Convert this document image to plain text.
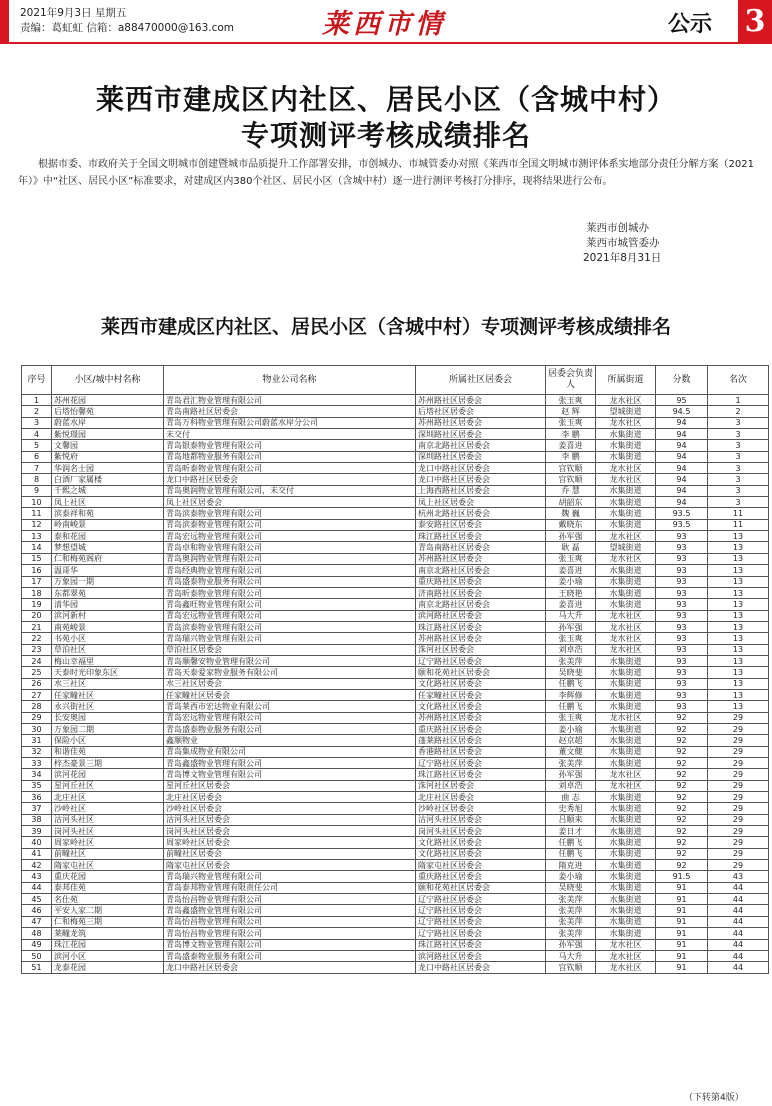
2021年9月3日 星期五
责编：葛虹虹 信箱：a88470000@163.com	莱西市情	公示 3
莱西市建成区内社区、居民小区（含城中村）
专项测评考核成绩排名
根据市委、市政府关于全国文明城市创建暨城市品质提升工作部署安排，市创城办、市城管委办对照《莱西市全国文明城市测评体系实地部分责任分解方案（2021年）》中“社区、居民小区”标准要求，对建成区内380个社区、居民小区（含城中村）逐一进行测评考核打分排序，现将结果进行公布。
莱西市创城办
莱西市城管委办
2021年8月31日
莱西市建成区内社区、居民小区（含城中村）专项测评考核成绩排名
序号	小区/城中村名称	物业公司名称	所属社区居委会	居委会负责人	所属街道	分数	名次
1	苏州花园	青岛君汇物业管理有限公司	苏州路社区居委会	张玉爽	龙水社区	95	1
2	后塔怡馨苑	青岛南路社区居委会	后塔社区居委会	赵 辉	望城街道	94.5	2
3	蔚蓝水岸	青岛万科物业管理有限公司蔚蓝水岸分公司	苏州路社区居委会	张玉爽	龙水社区	94	3
4	紫悦璟园	未交付	深圳路社区居委会	李 鹏	水集街道	94	3
5	文馨园	青岛银泰物业管理有限公司	南京北路社区居委会	姜喜进	水集街道	94	3
6	紫悦府	青岛地都物业服务有限公司	深圳路社区居委会	李 鹏	水集街道	94	3
7	华润名士园	青岛昕泰物业管理有限公司	龙口中路社区居委会	宫钦顺	龙水社区	94	3
8	白酒厂家属楼	龙口中路社区居委会	龙口中路社区居委会	宫钦顺	龙水社区	94	3
9	千熙之城	青岛奥润物业管理有限公司，未交付	上海西路社区居委会	乔 慧	水集街道	94	3
10	凤上社区	凤上社区居委会	凤上社区居委会	胡韶东	水集街道	94	3
11	滨泰祥和苑	青岛滨泰物业管理有限公司	杭州北路社区居委会	魏 巍	水集街道	93.5	11
12	岭南峻景	青岛滨泰物业管理有限公司	泰安路社区居委会	戴晓东	水集街道	93.5	11
13	泰和花园	青岛宏远物业管理有限公司	珠江路社区居委会	孙军强	龙水社区	93	13
14	梦想望城	青岛卓和物业管理有限公司	青岛南路社区居委会	耿 磊	望城街道	93	13
15	仁和梅苑阁府	青岛奥润物业管理有限公司	苏州路社区居委会	张玉爽	龙水社区	93	13
16	温哥华	青岛经典物业管理有限公司	南京北路社区居委会	姜喜进	水集街道	93	13
17	万象园一期	青岛盛泰物业服务有限公司	重庆路社区居委会	姜小瑜	水集街道	93	13
18	东都翠苑	青岛昕泰物业管理有限公司	济南路社区居委会	王晓艳	水集街道	93	13
19	清华园	青岛鑫旺物业管理有限公司	南京北路社区居委会	姜喜进	水集街道	93	13
20	滨河新村	青岛宏远物业管理有限公司	滨河路社区居委会	马大升	龙水社区	93	13
21	南苑峻景	青岛滨泰物业管理有限公司	珠江路社区居委会	孙军强	龙水社区	93	13
22	书苑小区	青岛瑞兴物业管理有限公司	苏州路社区居委会	张玉爽	龙水社区	93	13
23	草泊社区	草泊社区居委会	洙河社区居委会	刘卓浩	龙水社区	93	13
24	梅山幸福里	青岛顺馨安物业管理有限公司	辽宁路社区居委会	张美萍	水集街道	93	13
25	天泰时光印象东区	青岛天泰爱家物业服务有限公司	颐和花苑社区居委会	吴晓斐	水集街道	93	13
26	水三社区	水三社区居委会	文化路社区居委会	任鹏飞	水集街道	93	13
27	任家疃社区	任家疃社区居委会	任家疃社区居委会	李辉修	水集街道	93	13
28	永兴街社区	青岛莱西市宏达物业有限公司	文化路社区居委会	任鹏飞	水集街道	93	13
29	长安奥园	青岛宏远物业管理有限公司	苏州路社区居委会	张玉爽	龙水社区	92	29
30	万象园二期	青岛盛泰物业服务有限公司	重庆路社区居委会	姜小瑜	水集街道	92	29
31	保险小区	鑫顺物业	蓬莱路社区居委会	赵京超	水集街道	92	29
32	和谐佳苑	青岛集成物业有限公司	香港路社区居委会	董文健	水集街道	92	29
33	梓杰豪景三期	青岛鑫盛物业管理有限公司	辽宁路社区居委会	张美萍	水集街道	92	29
34	滨河花园	青岛博文物业管理有限公司	珠江路社区居委会	孙军强	龙水社区	92	29
35	星河丘社区	星河丘社区居委会	洙河社区居委会	刘卓浩	龙水社区	92	29
36	北庄社区	北庄社区居委会	北庄社区居委会	曲 志	水集街道	92	29
37	沙岭社区	沙岭社区居委会	沙岭社区居委会	史秀旭	水集街道	92	29
38	沽河头社区	沽河头社区居委会	沽河头社区居委会	吕顺来	水集街道	92	29
39	岗河头社区	岗河头社区居委会	岗河头社区居委会	姜日才	水集街道	92	29
40	周家岭社区	周家岭社区居委会	文化路社区居委会	任鹏飞	水集街道	92	29
41	前疃社区	前疃社区居委会	文化路社区居委会	任鹏飞	水集街道	92	29
42	隋家屯社区	隋家屯社区居委会	隋家屯社区居委会	隋克进	水集街道	92	29
43	重庆花园	青岛瑞兴物业管理有限公司	重庆路社区居委会	姜小瑜	水集街道	91.5	43
44	泰邦佳苑	青岛泰邦物业管理有限责任公司	颐和花苑社区居委会	吴晓斐	水集街道	91	44
45	名仕苑	青岛怡昌物业管理有限公司	辽宁路社区居委会	张美萍	水集街道	91	44
46	平安人家二期	青岛鑫盛物业管理有限公司	辽宁路社区居委会	张美萍	水集街道	91	44
47	仁和梅苑三期	青岛怡昌物业管理有限公司	辽宁路社区居委会	张美萍	水集街道	91	44
48	莱疃龙筑	青岛怡昌物业管理有限公司	辽宁路社区居委会	张美萍	水集街道	91	44
49	珠江花园	青岛博文物业管理有限公司	珠江路社区居委会	孙军强	龙水社区	91	44
50	滨河小区	青岛盛泰物业服务有限公司	滨河路社区居委会	马大升	龙水社区	91	44
51	龙泰花园	龙口中路社区居委会	龙口中路社区居委会	宫钦顺	龙水社区	91	44
（下转第4版）
